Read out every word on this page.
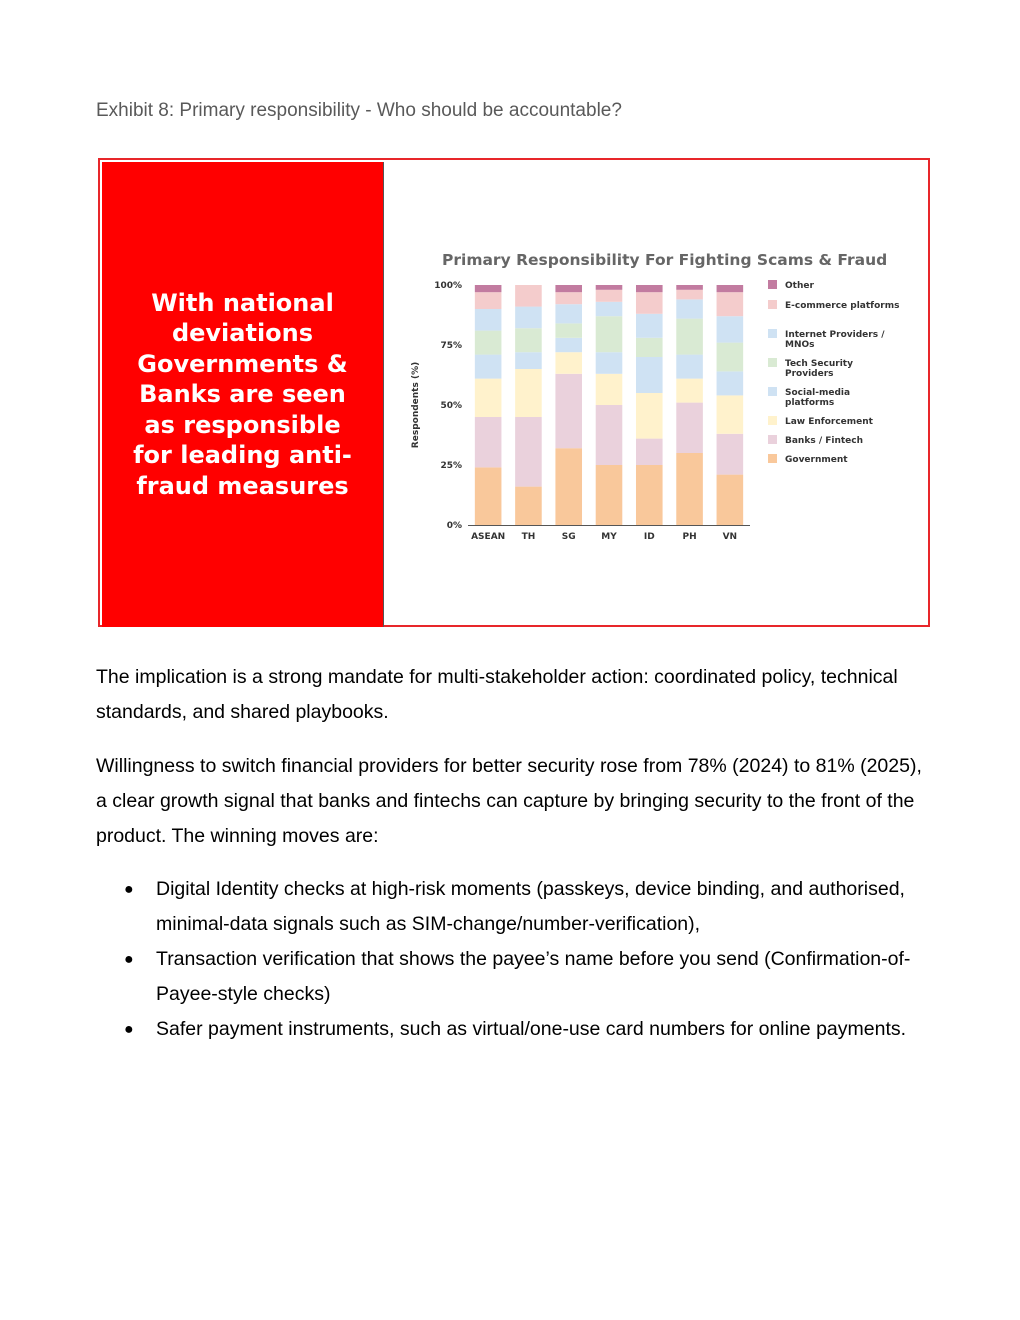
Exhibit 8: Primary responsibility - Who should be accountable?
With national deviations Governments & Banks are seen as responsible for leading anti-fraud measures
Primary Responsibility For Fighting Scams & Fraud
0%
25%
50%
75%
100%
Respondents (%)
ASEAN TH	SG	MY	ID	PH	VN
Other
E-commerce platforms
Internet Providers / MNOs
Tech Security Providers
Social-media platforms
Law Enforcement
Banks / Fintech
Government

The implication is a strong mandate for multi-stakeholder action: coordinated policy, technical standards, and shared playbooks.

Willingness to switch financial providers for better security rose from 78% (2024) to 81% (2025), a clear growth signal that banks and fintechs can capture by bringing security to the front of the product. The winning moves are:

● Digital Identity checks at high-risk moments (passkeys, device binding, and authorised, minimal-data signals such as SIM-change/number-verification),
● Transaction verification that shows the payee’s name before you send (Confirmation-of-Payee-style checks)
● Safer payment instruments, such as virtual/one-use card numbers for online payments.
